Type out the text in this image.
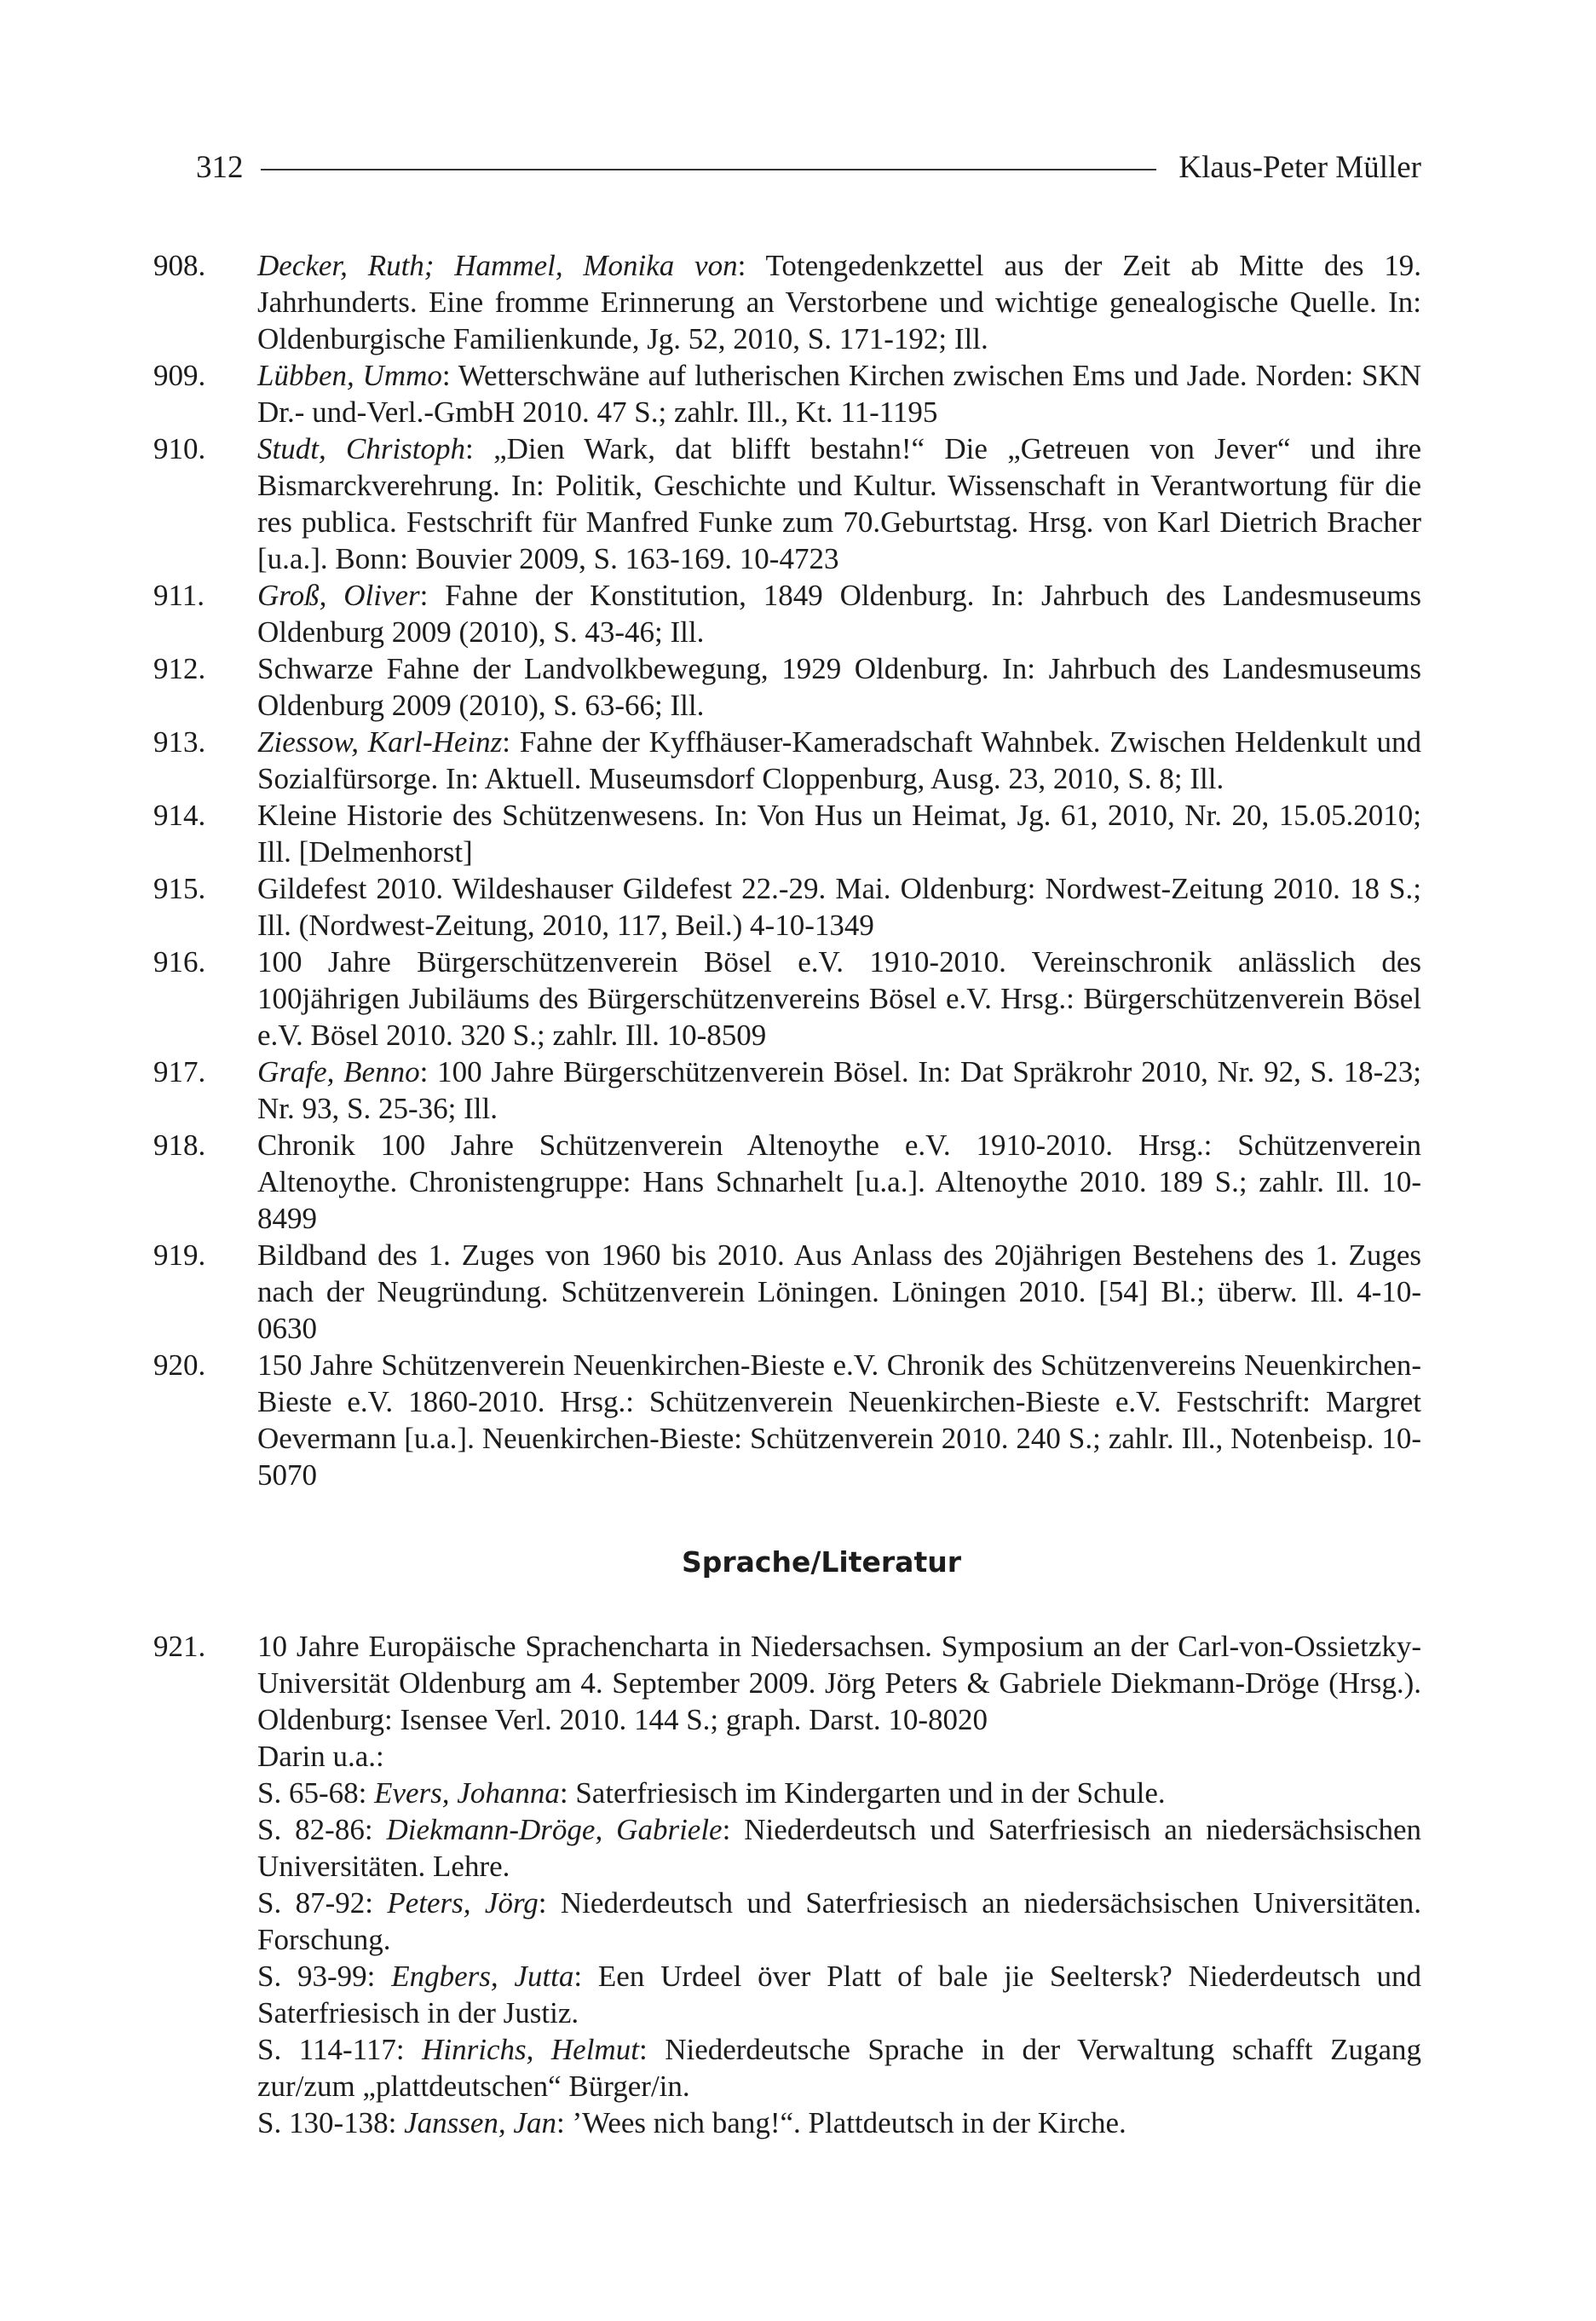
312	Klaus-Peter Müller
908.	Decker, Ruth; Hammel, Monika von: Totengedenkzettel aus der Zeit ab Mitte des 19. Jahrhunderts. Eine fromme Erinnerung an Verstorbene und wichtige genealogische Quelle. In: Oldenburgische Familienkunde, Jg. 52, 2010, S. 171-192; Ill.
909.	Lübben, Ummo: Wetterschwäne auf lutherischen Kirchen zwischen Ems und Jade. Norden: SKN Dr.- und-Verl.-GmbH 2010. 47 S.; zahlr. Ill., Kt. 11-1195
910.	Studt, Christoph: „Dien Wark, dat blifft bestahn!“ Die „Getreuen von Jever“ und ihre Bismarckverehrung. In: Politik, Geschichte und Kultur. Wissenschaft in Verantwortung für die res publica. Festschrift für Manfred Funke zum 70.Geburtstag. Hrsg. von Karl Dietrich Bracher [u.a.]. Bonn: Bouvier 2009, S. 163-169. 10-4723
911.	Groß, Oliver: Fahne der Konstitution, 1849 Oldenburg. In: Jahrbuch des Landesmuseums Oldenburg 2009 (2010), S. 43-46; Ill.
912.	Schwarze Fahne der Landvolkbewegung, 1929 Oldenburg. In: Jahrbuch des Landesmuseums Oldenburg 2009 (2010), S. 63-66; Ill.
913.	Ziessow, Karl-Heinz: Fahne der Kyffhäuser-Kameradschaft Wahnbek. Zwischen Heldenkult und Sozialfürsorge. In: Aktuell. Museumsdorf Cloppenburg, Ausg. 23, 2010, S. 8; Ill.
914.	Kleine Historie des Schützenwesens. In: Von Hus un Heimat, Jg. 61, 2010, Nr. 20, 15.05.2010; Ill. [Delmenhorst]
915.	Gildefest 2010. Wildeshauser Gildefest 22.-29. Mai. Oldenburg: Nordwest-Zeitung 2010. 18 S.; Ill. (Nordwest-Zeitung, 2010, 117, Beil.) 4-10-1349
916.	100 Jahre Bürgerschützenverein Bösel e.V. 1910-2010. Vereinschronik anlässlich des 100jährigen Jubiläums des Bürgerschützenvereins Bösel e.V. Hrsg.: Bürgerschützenverein Bösel e.V. Bösel 2010. 320 S.; zahlr. Ill. 10-8509
917.	Grafe, Benno: 100 Jahre Bürgerschützenverein Bösel. In: Dat Spräkrohr 2010, Nr. 92, S. 18-23; Nr. 93, S. 25-36; Ill.
918.	Chronik 100 Jahre Schützenverein Altenoythe e.V. 1910-2010. Hrsg.: Schützenverein Altenoythe. Chronistengruppe: Hans Schnarhelt [u.a.]. Altenoythe 2010. 189 S.; zahlr. Ill. 10-8499
919.	Bildband des 1. Zuges von 1960 bis 2010. Aus Anlass des 20jährigen Bestehens des 1. Zuges nach der Neugründung. Schützenverein Löningen. Löningen 2010. [54] Bl.; überw. Ill. 4-10-0630
920.	150 Jahre Schützenverein Neuenkirchen-Bieste e.V. Chronik des Schützenvereins Neuenkirchen-Bieste e.V. 1860-2010. Hrsg.: Schützenverein Neuenkirchen-Bieste e.V. Festschrift: Margret Oevermann [u.a.]. Neuenkirchen-Bieste: Schützenverein 2010. 240 S.; zahlr. Ill., Notenbeisp. 10-5070
Sprache/Literatur
921.	10 Jahre Europäische Sprachencharta in Niedersachsen. Symposium an der Carl-von-Ossietzky-Universität Oldenburg am 4. September 2009. Jörg Peters & Gabriele Diekmann-Dröge (Hrsg.). Oldenburg: Isensee Verl. 2010. 144 S.; graph. Darst. 10-8020
Darin u.a.:
S. 65-68: Evers, Johanna: Saterfriesisch im Kindergarten und in der Schule.
S. 82-86: Diekmann-Dröge, Gabriele: Niederdeutsch und Saterfriesisch an niedersächsischen Universitäten. Lehre.
S. 87-92: Peters, Jörg: Niederdeutsch und Saterfriesisch an niedersächsischen Universitäten. Forschung.
S. 93-99: Engbers, Jutta: Een Urdeel över Platt of bale jie Seeltersk? Niederdeutsch und Saterfriesisch in der Justiz.
S. 114-117: Hinrichs, Helmut: Niederdeutsche Sprache in der Verwaltung schafft Zugang zur/zum „plattdeutschen“ Bürger/in.
S. 130-138: Janssen, Jan: ’Wees nich bang!“. Plattdeutsch in der Kirche.
